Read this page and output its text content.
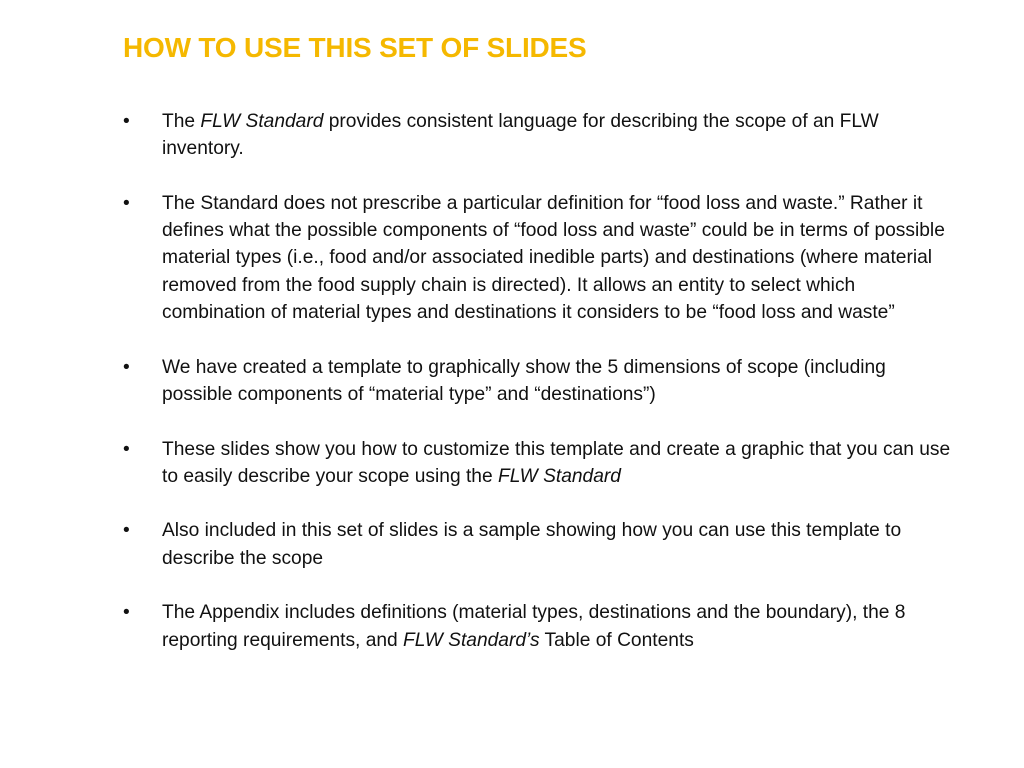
HOW TO USE THIS SET OF SLIDES
• The FLW Standard provides consistent language for describing the scope of an FLW inventory.
• The Standard does not prescribe a particular definition for “food loss and waste.” Rather it defines what the possible components of “food loss and waste” could be in terms of possible material types (i.e., food and/or associated inedible parts) and destinations (where material removed from the food supply chain is directed). It allows an entity to select which combination of material types and destinations it considers to be “food loss and waste”
• We have created a template to graphically show the 5 dimensions of scope (including possible components of “material type” and “destinations”)
• These slides show you how to customize this template and create a graphic that you can use to easily describe your scope using the FLW Standard
• Also included in this set of slides is a sample showing how you can use this template to describe the scope
• The Appendix includes definitions (material types, destinations and the boundary), the 8 reporting requirements, and FLW Standard’s Table of Contents
